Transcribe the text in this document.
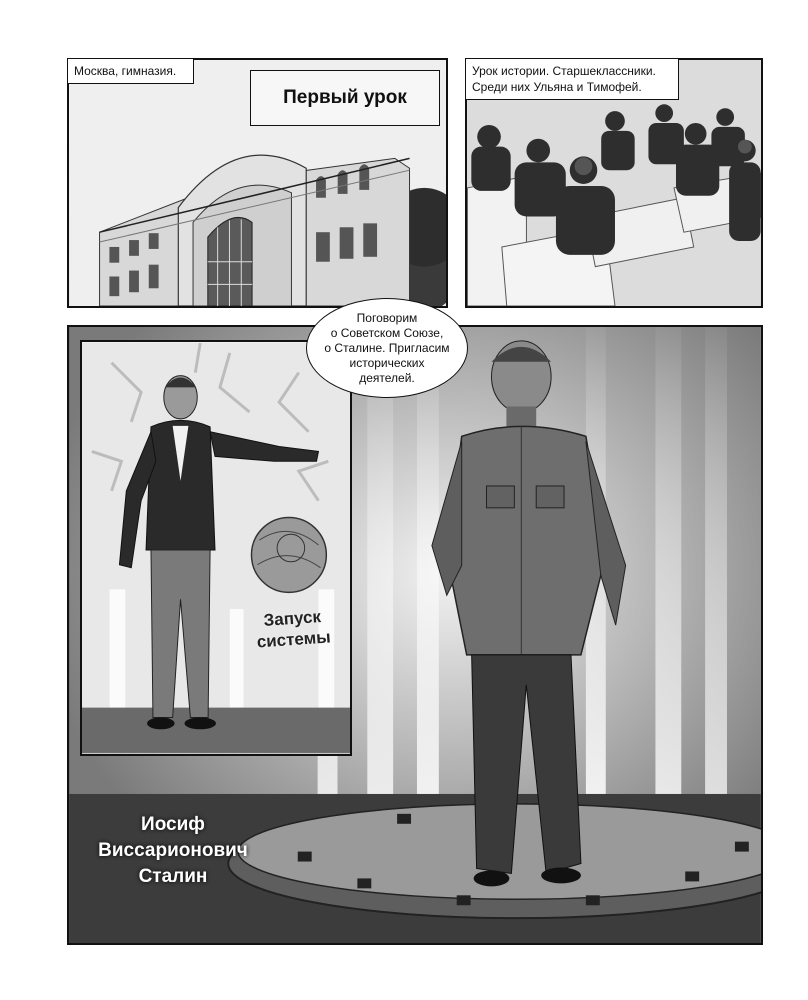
Москва, гимназия.
Первый урок
Урок истории. Старшеклассники. Среди них Ульяна и Тимофей.
Запуск
системы
Поговорим
о Советском Союзе,
о Сталине. Пригласим
исторических
деятелей.
Иосиф
Виссарионович
Сталин
